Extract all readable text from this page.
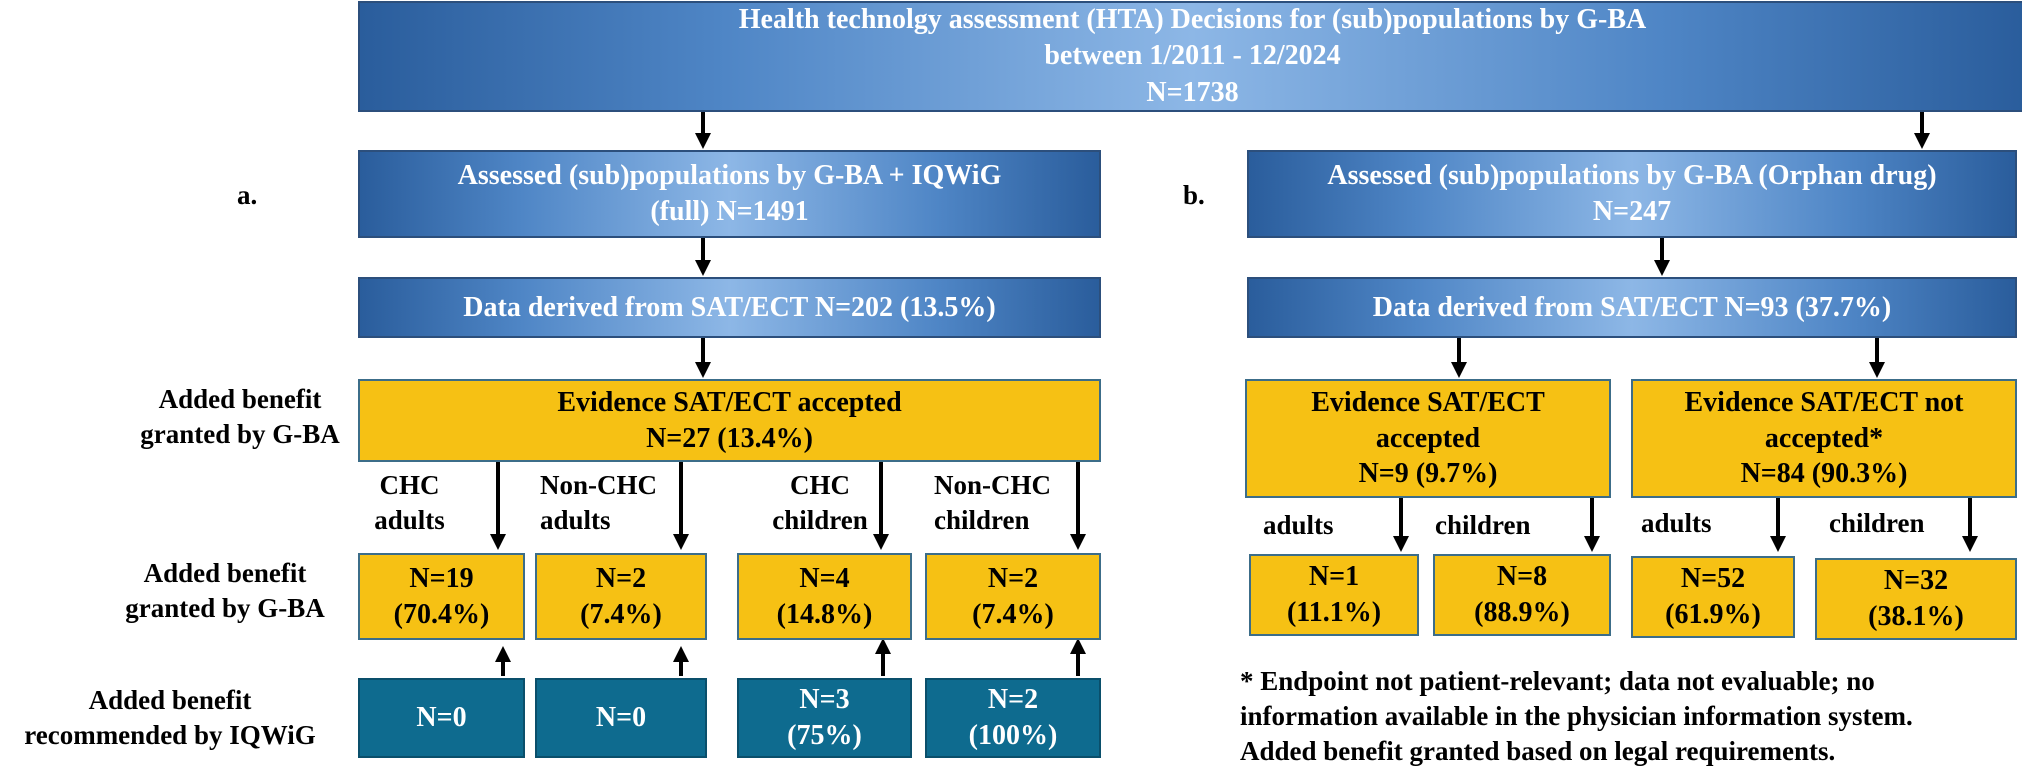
Health technolgy assessment (HTA) Decisions for (sub)populations by G-BA
between 1/2011 - 12/2024
N=1738
a.	b.
Assessed (sub)populations by G-BA + IQWiG
(full) N=1491
Data derived from SAT/ECT N=202 (13.5%)
Evidence SAT/ECT accepted
N=27 (13.4%)
Added benefit
granted by G-BA
Added benefit
granted by G-BA
Added benefit
recommended by IQWiG
CHC
adults
Non-CHC
adults
CHC
children
Non-CHC
children
N=19
(70.4%)
N=2
(7.4%)
N=4
(14.8%)
N=2
(7.4%)
N=0	N=0
N=3
(75%)
N=2
(100%)
Assessed (sub)populations by G-BA (Orphan drug)
N=247
Data derived from SAT/ECT N=93 (37.7%)
Evidence SAT/ECT
accepted
N=9 (9.7%)
Evidence SAT/ECT not
accepted*
N=84 (90.3%)
adults	children	adults	children
N=1
(11.1%)
N=8
(88.9%)
N=52
(61.9%)
N=32
(38.1%)
* Endpoint not patient-relevant; data not evaluable; no
information available in the physician information system.
Added benefit granted based on legal requirements.
